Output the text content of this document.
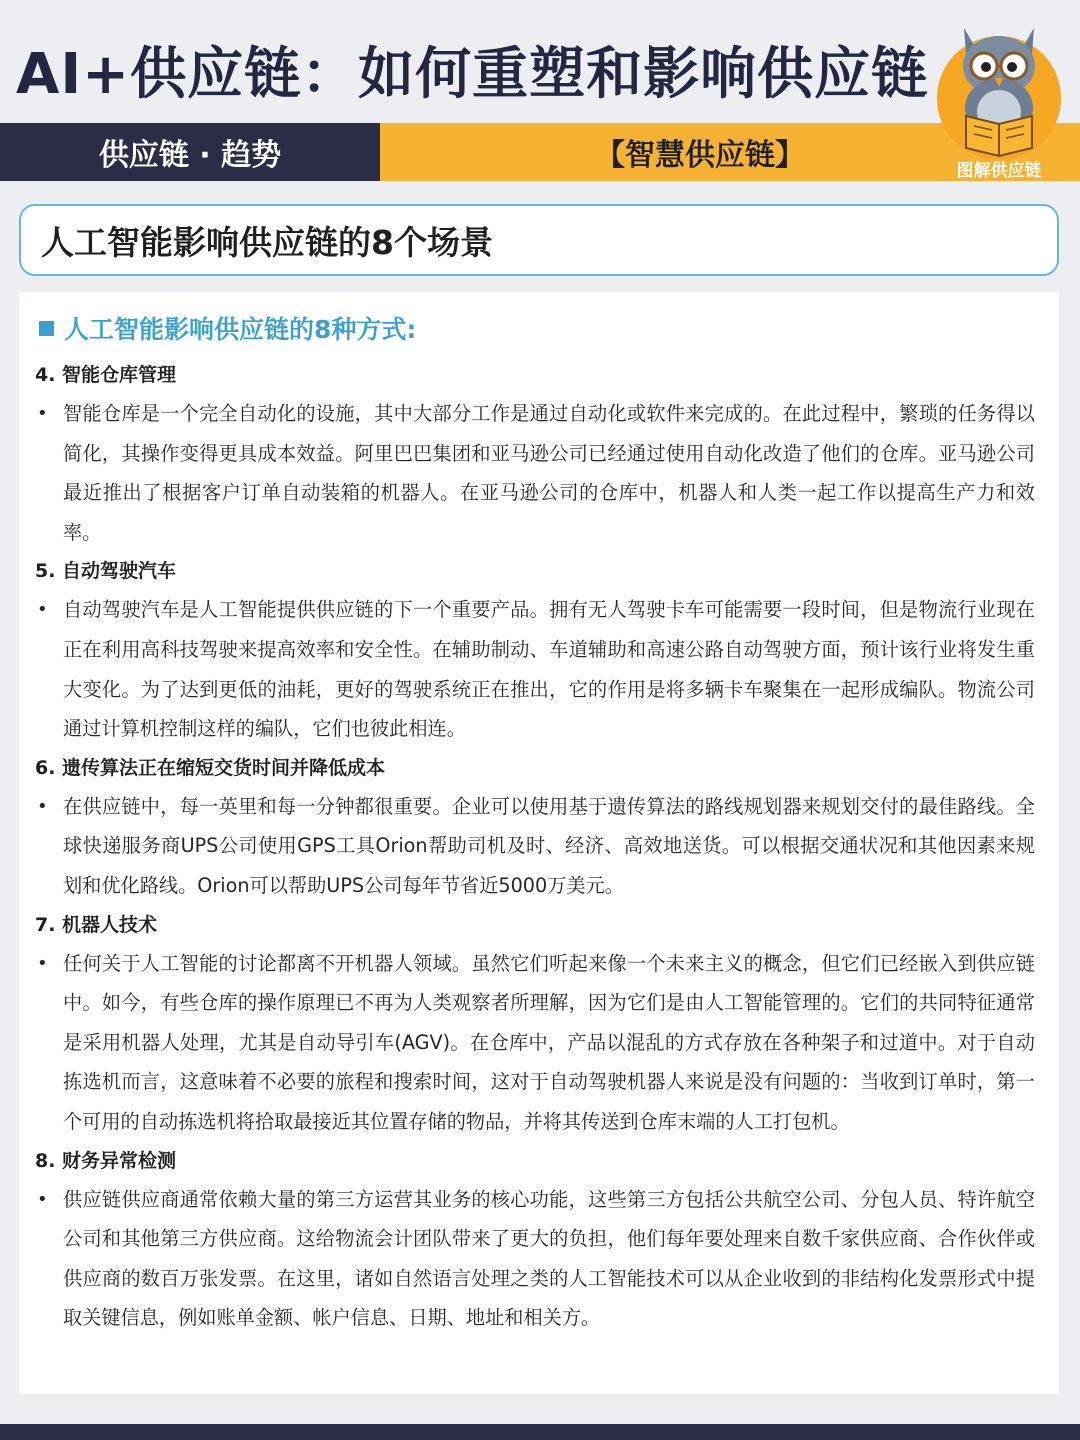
AI+供应链：如何重塑和影响供应链
供应链 · 趋势	【智慧供应链】	图解供应链
人工智能影响供应链的8个场景
人工智能影响供应链的8种方式:

4. 智能仓库管理

• 智能仓库是一个完全自动化的设施，其中大部分工作是通过自动化或软件来完成的。在此过程中，繁琐的任务得以简化，其操作变得更具成本效益。阿里巴巴集团和亚马逊公司已经通过使用自动化改造了他们的仓库。亚马逊公司最近推出了根据客户订单自动装箱的机器人。在亚马逊公司的仓库中，机器人和人类一起工作以提高生产力和效率。

5. 自动驾驶汽车

• 自动驾驶汽车是人工智能提供供应链的下一个重要产品。拥有无人驾驶卡车可能需要一段时间，但是物流行业现在正在利用高科技驾驶来提高效率和安全性。在辅助制动、车道辅助和高速公路自动驾驶方面，预计该行业将发生重大变化。为了达到更低的油耗，更好的驾驶系统正在推出，它的作用是将多辆卡车聚集在一起形成编队。物流公司通过计算机控制这样的编队，它们也彼此相连。

6. 遗传算法正在缩短交货时间并降低成本

• 在供应链中，每一英里和每一分钟都很重要。企业可以使用基于遗传算法的路线规划器来规划交付的最佳路线。全球快递服务商UPS公司使用GPS工具Orion帮助司机及时、经济、高效地送货。可以根据交通状况和其他因素来规划和优化路线。Orion可以帮助UPS公司每年节省近5000万美元。

7. 机器人技术

• 任何关于人工智能的讨论都离不开机器人领域。虽然它们听起来像一个未来主义的概念，但它们已经嵌入到供应链中。如今，有些仓库的操作原理已不再为人类观察者所理解，因为它们是由人工智能管理的。它们的共同特征通常是采用机器人处理，尤其是自动导引车(AGV)。在仓库中，产品以混乱的方式存放在各种架子和过道中。对于自动拣选机而言，这意味着不必要的旅程和搜索时间，这对于自动驾驶机器人来说是没有问题的：当收到订单时，第一个可用的自动拣选机将拾取最接近其位置存储的物品，并将其传送到仓库末端的人工打包机。

8. 财务异常检测

• 供应链供应商通常依赖大量的第三方运营其业务的核心功能，这些第三方包括公共航空公司、分包人员、特许航空公司和其他第三方供应商。这给物流会计团队带来了更大的负担，他们每年要处理来自数千家供应商、合作伙伴或供应商的数百万张发票。在这里，诸如自然语言处理之类的人工智能技术可以从企业收到的非结构化发票形式中提取关键信息，例如账单金额、帐户信息、日期、地址和相关方。
